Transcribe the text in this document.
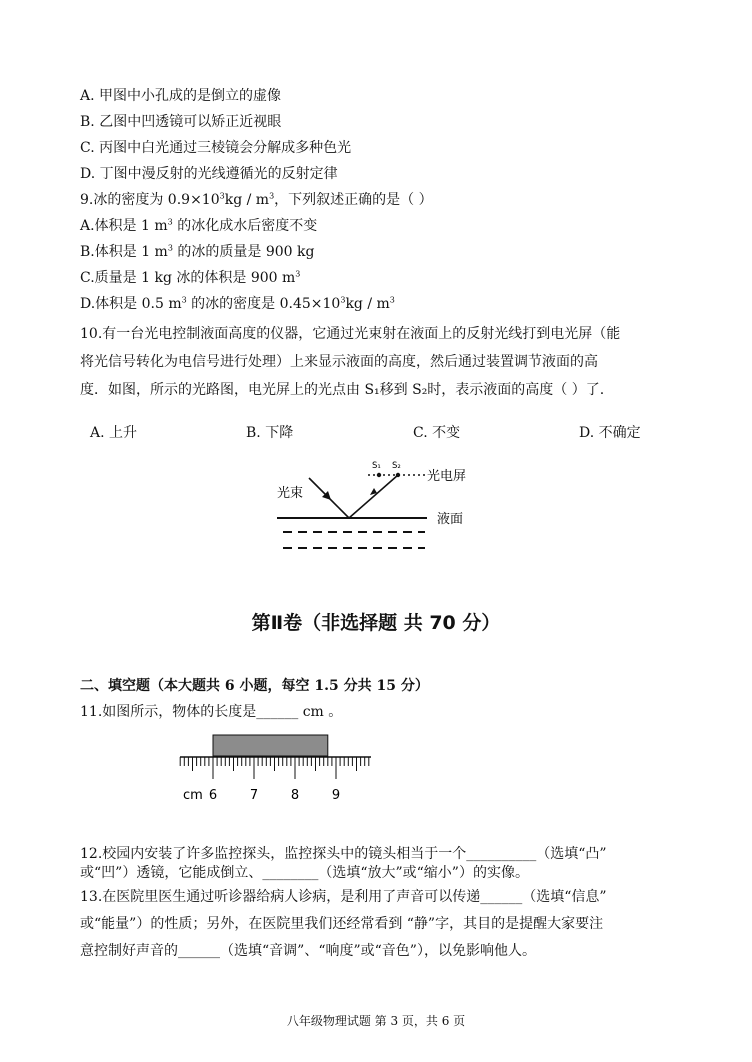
A. 甲图中小孔成的是倒立的虚像
B. 乙图中凹透镜可以矫正近视眼
C. 丙图中白光通过三棱镜会分解成多种色光
D. 丁图中漫反射的光线遵循光的反射定律
9.冰的密度为 $0.9\times 10^3kg / m^3$，下列叙述正确的是（ ）
A.体积是 1 $m^3$ 的冰化成水后密度不变
B.体积是 1 $m^3$ 的冰的质量是 900 kg
C.质量是 1 kg 冰的体积是 900 $m^3$
D.体积是 0.5 $m^3$ 的冰的密度是 $0.45\times 10^3kg / m^3$
10.有一台光电控制液面高度的仪器，它通过光束射在液面上的反射光线打到电光屏（能
将光信号转化为电信号进行处理）上来显示液面的高度，然后通过装置调节液面的高
度．如图，所示的光路图，电光屏上的光点由 S₁移到 S₂时，表示液面的高度（ ）了.
A. 上升	B. 下降	C. 不变	D. 不确定
S₁ S₂
光电屏
光束
液面
第Ⅱ卷（非选择题 共 70 分）
二、填空题（本大题共 6 小题，每空 1.5 分共 15 分）
11.如图所示，物体的长度是______ cm 。
cm 6	7	8	9
12.校园内安装了许多监控探头，监控探头中的镜头相当于一个__________（选填“凸”
或“凹”）透镜，它能成倒立、________（选填“放大”或“缩小”）的实像。
13.在医院里医生通过听诊器给病人诊病，是利用了声音可以传递______（选填“信息”
或“能量”）的性质；另外，在医院里我们还经常看到 “静”字，其目的是提醒大家要注
意控制好声音的______（选填“音调”、“响度”或“音色”），以免影响他人。
八年级物理试题 第 3 页，共 6 页
